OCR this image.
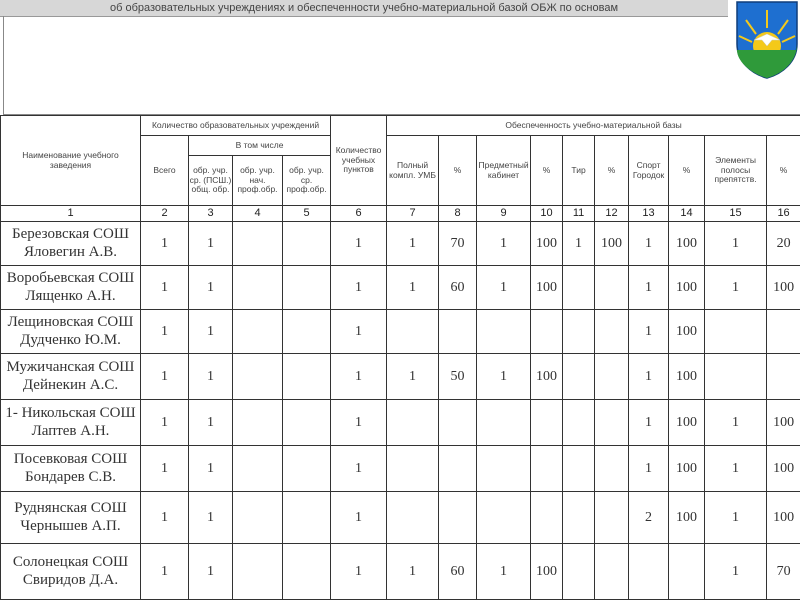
об образовательных учреждениях и обеспеченности учебно-материальной базой ОБЖ по основам
Наименование учебного заведения	Количество образовательных учреждений				Количество учебных пунктов	Обеспеченность учебно-материальной базы									
	Всего	В том числе				Полный компл. УМБ	%	Предметный кабинет	%	Тир	%	Спорт Городок	%	Элементы полосы препятств.	%
		обр. учр. ср. (ПСШ.) общ. обр.	обр. учр. нач. проф.обр.	обр. учр. ср. проф.обр.											
1	2	3	4	5	6	7	8	9	10	11	12	13	14	15	16

Березовская СОШ
Яловегин А.В.	1	1			1	1	70	1	100	1	100	1	100	1	20

Воробьевская СОШ
Лященко А.Н.	1	1			1	1	60	1	100			1	100	1	100

Лещиновская СОШ
Дудченко Ю.М.	1	1			1							1	100		

Мужичанская СОШ
Дейнекин А.С.	1	1			1	1	50	1	100			1	100		

1- Никольская СОШ
Лаптев А.Н.	1	1			1							1	100	1	100

Посевковая СОШ
Бондарев С.В.	1	1			1							1	100	1	100

Руднянская СОШ
Чернышев А.П.	1	1			1							2	100	1	100

Солонецкая СОШ
Свиридов Д.А.	1	1			1	1	60	1	100					1	70
